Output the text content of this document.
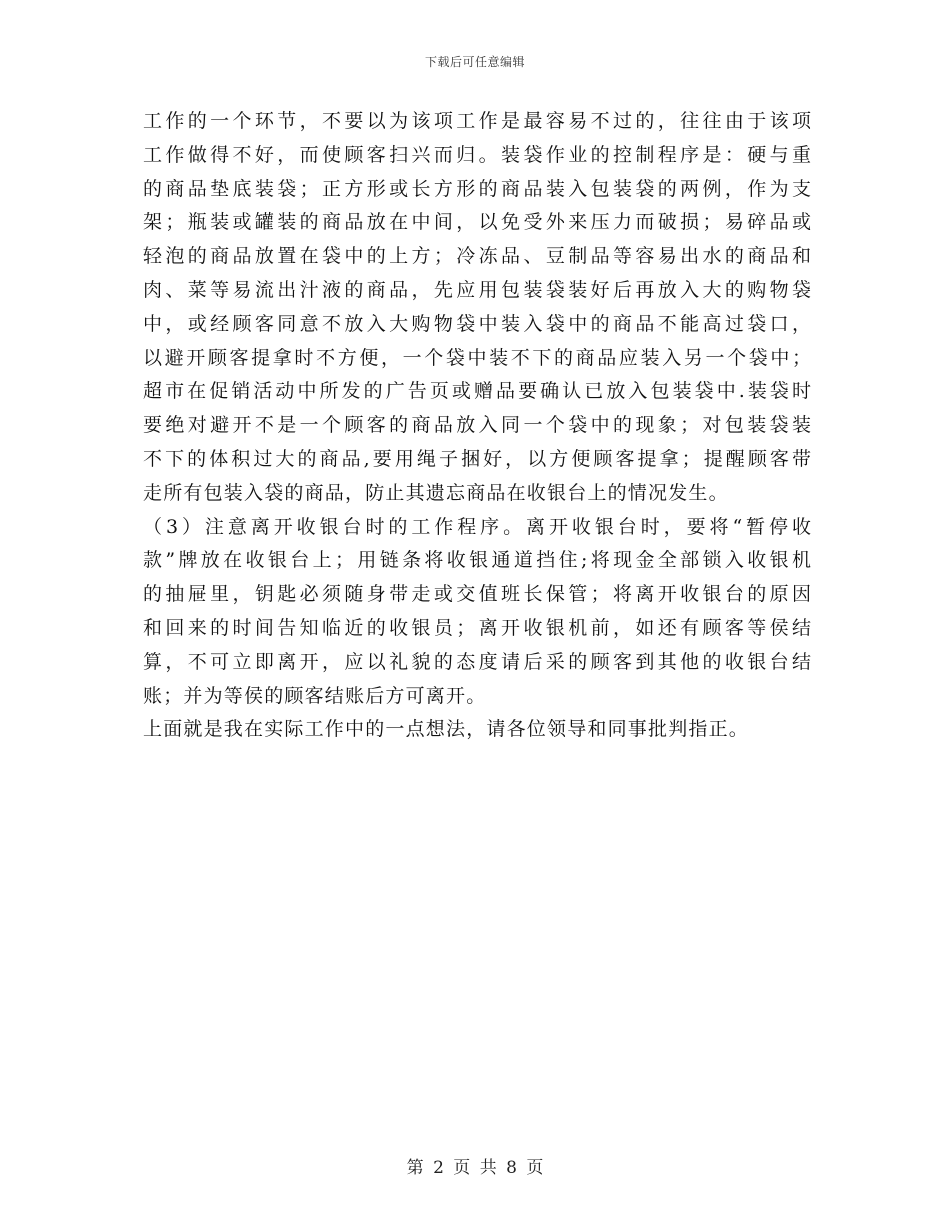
下载后可任意编辑
工作的一个环节，不要以为该项工作是最容易不过的，往往由于该项
工作做得不好，而使顾客扫兴而归。装袋作业的控制程序是：硬与重
的商品垫底装袋；正方形或长方形的商品装入包装袋的两例，作为支
架；瓶装或罐装的商品放在中间，以免受外来压力而破损；易碎品或
轻泡的商品放置在袋中的上方；冷冻品、豆制品等容易出水的商品和
肉、菜等易流出汁液的商品，先应用包装袋装好后再放入大的购物袋
中，或经顾客同意不放入大购物袋中装入袋中的商品不能高过袋口，
以避开顾客提拿时不方便，一个袋中装不下的商品应装入另一个袋中；
超市在促销活动中所发的广告页或赠品要确认已放入包装袋中.装袋时
要绝对避开不是一个顾客的商品放入同一个袋中的现象；对包装袋装
不下的体积过大的商品,要用绳子捆好，以方便顾客提拿；提醒顾客带
走所有包装入袋的商品，防止其遗忘商品在收银台上的情况发生。
（3）注意离开收银台时的工作程序。离开收银台时，要将“暂停收
款”牌放在收银台上；用链条将收银通道挡住;将现金全部锁入收银机
的抽屉里，钥匙必须随身带走或交值班长保管；将离开收银台的原因
和回来的时间告知临近的收银员；离开收银机前，如还有顾客等侯结
算，不可立即离开，应以礼貌的态度请后采的顾客到其他的收银台结
账；并为等侯的顾客结账后方可离开。
上面就是我在实际工作中的一点想法，请各位领导和同事批判指正。
第 2 页 共 8 页
